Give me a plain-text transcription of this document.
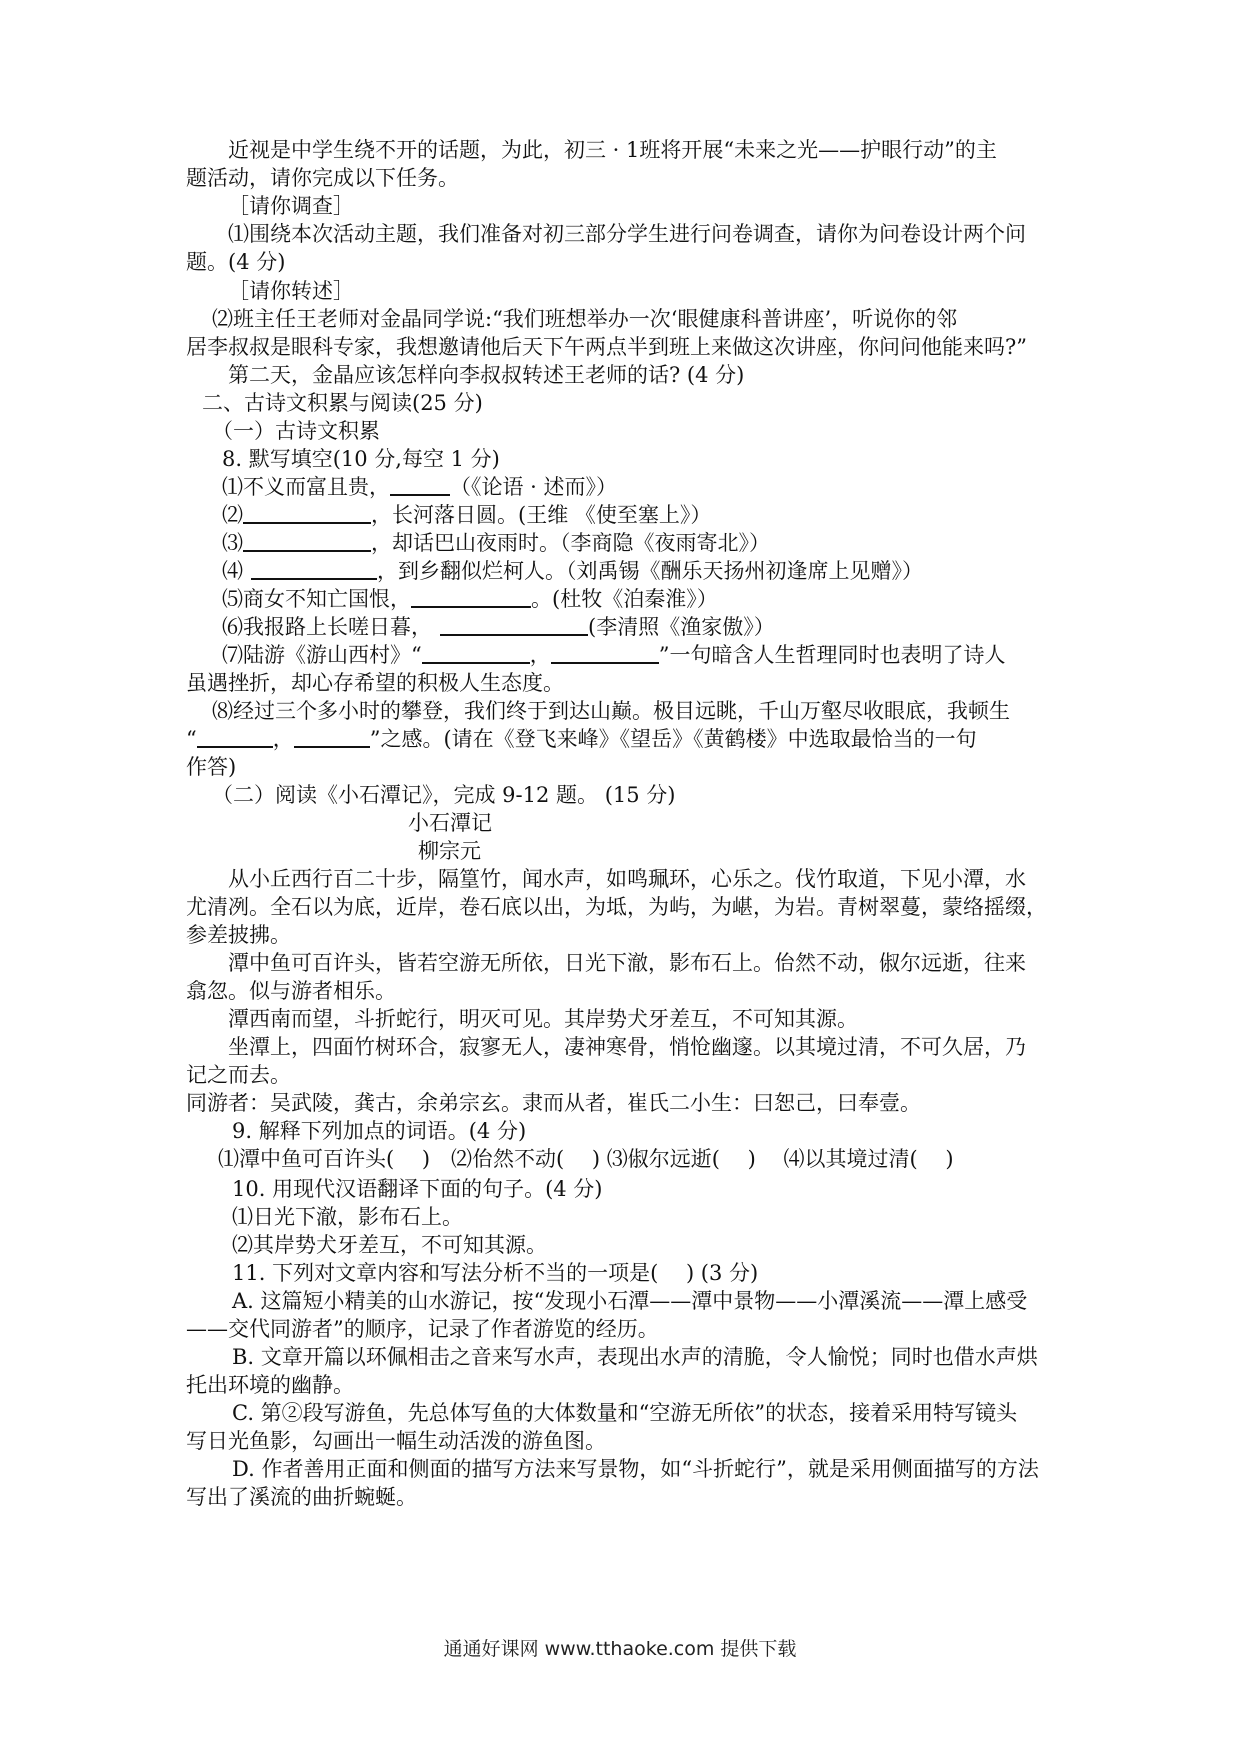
近视是中学生绕不开的话题，为此，初三 · 1班将开展“未来之光——护眼行动”的主
题活动，请你完成以下任务。
［请你调查］
⑴围绕本次活动主题，我们准备对初三部分学生进行问卷调查，请你为问卷设计两个问
题。(4 分)
［请你转述］
⑵班主任王老师对金晶同学说:“我们班想举办一次‘眼健康科普讲座’，听说你的邻
居李叔叔是眼科专家，我想邀请他后天下午两点半到班上来做这次讲座，你问问他能来吗?”
第二天，金晶应该怎样向李叔叔转述王老师的话? (4 分)
二、古诗文积累与阅读(25 分)
（一）古诗文积累
8. 默写填空(10 分,每空 1 分)
⑴不义而富且贵，	（《论语 · 述而》）
⑵	，长河落日圆。(王维 《使至塞上》）
⑶	，却话巴山夜雨时。（李商隐《夜雨寄北》）
⑷	，到乡翻似烂柯人。（刘禹锡《酬乐天扬州初逢席上见赠》）
⑸商女不知亡国恨，	。(杜牧《泊秦淮》）
⑹我报路上长嗟日暮，	(李清照《渔家傲》）
⑺陆游《游山西村》“	，	”一句暗含人生哲理同时也表明了诗人
虽遇挫折，却心存希望的积极人生态度。
⑻经过三个多小时的攀登，我们终于到达山巅。极目远眺，千山万壑尽收眼底，我顿生
“	，	”之感。(请在《登飞来峰》《望岳》《黄鹤楼》中选取最恰当的一句
作答)
（二）阅读《小石潭记》，完成 9-12 题。 (15 分)
小石潭记
柳宗元
从小丘西行百二十步，隔篁竹，闻水声，如鸣珮环，心乐之。伐竹取道，下见小潭，水
尤清冽。全石以为底，近岸，卷石底以出，为坻，为屿，为嵁，为岩。青树翠蔓，蒙络摇缀，
参差披拂。
潭中鱼可百许头，皆若空游无所依，日光下澈，影布石上。佁然不动，俶尔远逝，往来
翕忽。似与游者相乐。
潭西南而望，斗折蛇行，明灭可见。其岸势犬牙差互，不可知其源。
坐潭上，四面竹树环合，寂寥无人，凄神寒骨，悄怆幽邃。以其境过清，不可久居，乃
记之而去。
同游者：吴武陵，龚古，余弟宗玄。隶而从者，崔氏二小生：曰恕己，曰奉壹。
9. 解释下列加点的词语。(4 分)
⑴潭中鱼可百许头(　 )　⑵佁然不动(　 ) ⑶俶尔远逝(　 )　 ⑷以其境过清(　 )
10. 用现代汉语翻译下面的句子。(4 分)
⑴日光下澈，影布石上。
⑵其岸势犬牙差互，不可知其源。
11. 下列对文章内容和写法分析不当的一项是(　 ) (3 分)
A. 这篇短小精美的山水游记，按“发现小石潭——潭中景物——小潭溪流——潭上感受
——交代同游者”的顺序，记录了作者游览的经历。
B. 文章开篇以环佩相击之音来写水声，表现出水声的清脆，令人愉悦；同时也借水声烘
托出环境的幽静。
C. 第②段写游鱼，先总体写鱼的大体数量和“空游无所依”的状态，接着采用特写镜头
写日光鱼影，勾画出一幅生动活泼的游鱼图。
D. 作者善用正面和侧面的描写方法来写景物，如“斗折蛇行”，就是采用侧面描写的方法
写出了溪流的曲折蜿蜒。
通通好课网 www.tthaoke.com 提供下载
